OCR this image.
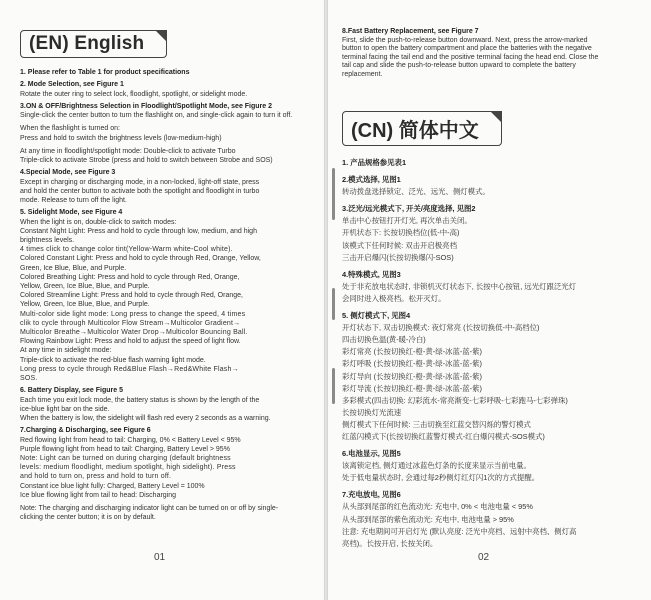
(EN) English

1. Please refer to Table 1 for product specifications

2. Mode Selection, see Figure 1

Rotate the outer ring to select lock, floodlight, spotlight, or sidelight mode.

3.ON & OFF/Brightness Selection in Floodlight/Spotlight Mode, see Figure 2

Single-click the center button to turn the flashlight on, and single-click again to turn it off.

When the flashlight is turned on:

Press and hold to switch the brightness levels (low-medium-high)

At any time in floodlight/spotlight mode: Double-click to activate Turbo

Triple-click to activate Strobe (press and hold to switch between Strobe and SOS)

4.Special Mode, see Figure 3

Except in charging or discharging mode, in a non-locked, light-off state, press

and hold the center button to activate both the spotlight and floodlight in turbo

mode. Release to turn off the light.

5. Sidelight Mode, see Figure 4

When the light is on, double-click to switch modes:

Constant Night Light: Press and hold to cycle through low, medium, and high

brightness levels.

4 times click to change color tint(Yellow-Warm white-Cool white).

Colored Constant Light: Press and hold to cycle through Red, Orange, Yellow,

Green, Ice Blue, Blue, and Purple.

Colored Breathing Light: Press and hold to cycle through Red, Orange,

Yellow, Green, Ice Blue, Blue, and Purple.

Colored Streamline Light: Press and hold to cycle through Red, Orange,

Yellow, Green, Ice Blue, Blue, and Purple.

Multi-color side light mode: Long press to change the speed, 4 times

clik to cycle through Multicolor Flow Stream→Multicolor Gradient→

Multicolor Breathe→Multicolor Water Drop→Multicolor Bouncing Ball.

Flowing Rainbow Light: Press and hold to adjust the speed of light flow.

At any time in sidelight mode:

Triple-click to activate the red-blue flash warning light mode.

Long press to cycle through Red&Blue Flash→Red&White Flash→

SOS.

6. Battery Display, see Figure 5

Each time you exit lock mode, the battery status is shown by the length of the

ice-blue light bar on the side.

When the battery is low, the sidelight will flash red every 2 seconds as a warning.

7.Charging & Discharging, see Figure 6

Red flowing light from head to tail: Charging, 0% < Battery Level < 95%

Purple flowing light from head to tail: Charging, Battery Level > 95%

Note: Light can be turned on during charging (default brightness

levels: medium floodlight, medium spotlight, high sidelight). Press

and hold to turn on, press and hold to turn off.

Constant ice blue light fully: Charged, Battery Level = 100%

Ice blue flowing light from tail to head: Discharging

Note: The charging and discharging indicator light can be turned on or off by single-

clicking the center button; it is on by default.

01

8.Fast Battery Replacement, see Figure 7

First, slide the push-to-release button downward. Next, press the arrow-marked

button to open the battery compartment and place the batteries with the negative

terminal facing the tail end and the positive terminal facing the head end. Close the

tail cap and slide the push-to-release button upward to complete the battery

replacement.

(CN) 简体中文

1. 产品规格参见表1

2.模式选择, 见图1

转动拨盘选择锁定、泛光、远光、侧灯模式。

3.泛光/远光模式下, 开关/亮度选择, 见图2

单击中心按钮打开灯光, 再次单击关闭。

开机状态下: 长按切换档位(低-中-高)

该模式下任何时候: 双击开启极亮档

三击开启爆闪(长按切换爆闪-SOS)

4.特殊模式, 见图3

处于非充放电状态时, 非锁机灭灯状态下, 长按中心按钮, 远光灯跟泛光灯

会同时进入极亮档。松开灭灯。

5. 侧灯模式下, 见图4

开灯状态下, 双击切换模式: 夜灯常亮 (长按切换低-中-高档位)

四击切换色温(黄-暖-冷白)

彩灯常亮 (长按切换红-橙-黄-绿-冰蓝-蓝-紫)

彩灯呼吸 (长按切换红-橙-黄-绿-冰蓝-蓝-紫)

彩灯导向 (长按切换红-橙-黄-绿-冰蓝-蓝-紫)

彩灯导流 (长按切换红-橙-黄-绿-冰蓝-蓝-紫)

多彩模式(四击切换: 幻彩流水-常亮渐变-七彩呼吸-七彩跑马-七彩弹珠)

长按切换灯光流速

侧灯模式下任何时候: 三击切换至红蓝交替闪烁的警灯模式

红蓝闪模式下(长按切换红蓝警灯模式-红白爆闪模式-SOS模式)

6.电池显示, 见图5

该离锁定档, 侧灯通过冰蓝色灯条的长度来显示当前电量。

处于低电量状态时, 会通过每2秒侧灯红灯闪1次的方式提醒。

7.充电放电, 见图6

从头部到尾部的红色流动光: 充电中, 0% < 电池电量 < 95%

从头部到尾部的紫色流动光: 充电中, 电池电量 > 95%

注意: 充电期间可开启灯光 (默认亮度: 泛光中亮档、远射中亮档、侧灯高

亮档)。长按开启, 长按关闭。

02
